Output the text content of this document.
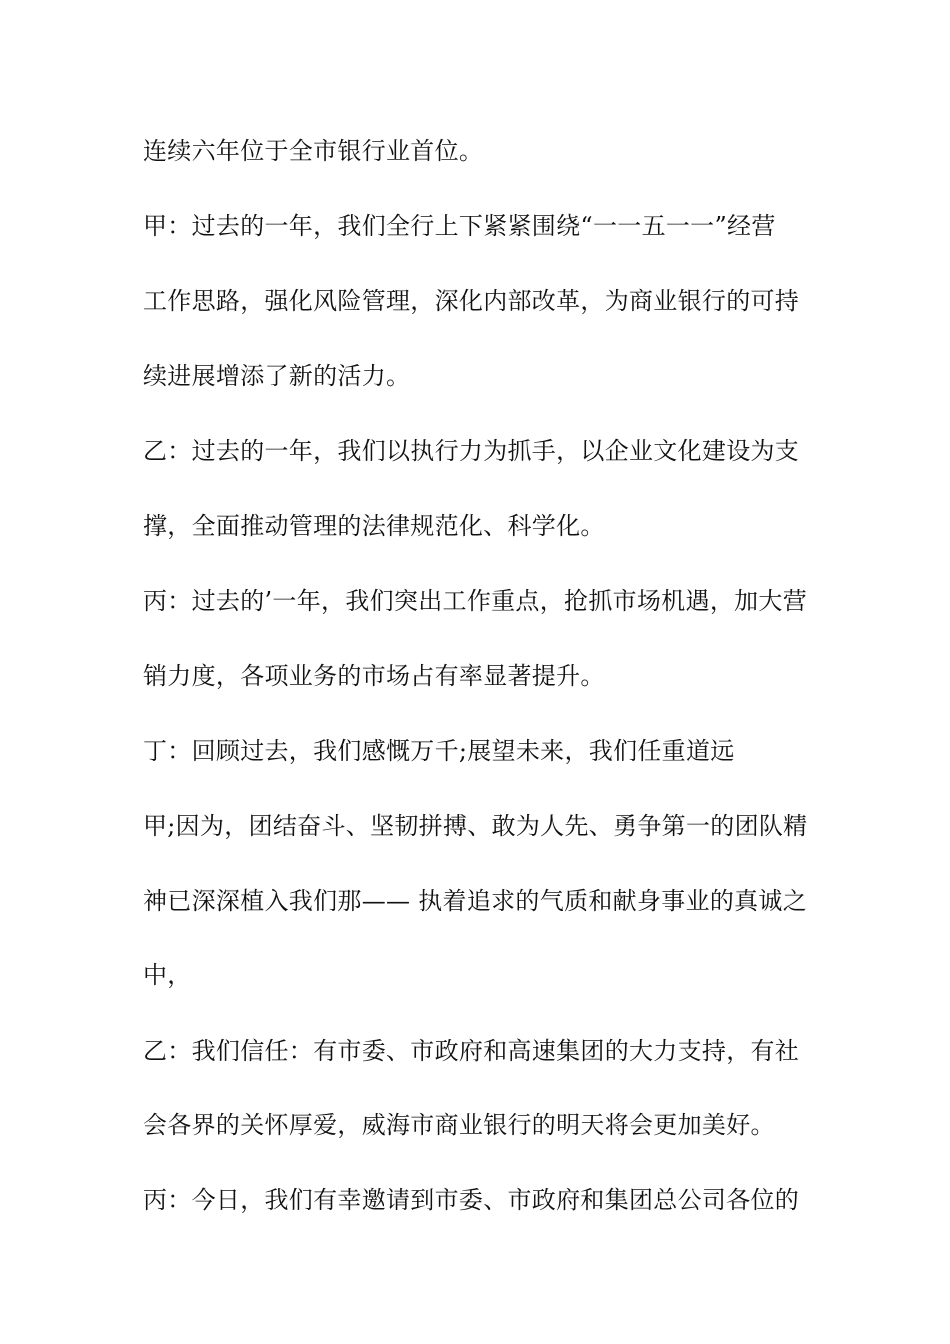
连续六年位于全市银行业首位。
甲：过去的一年，我们全行上下紧紧围绕“一一五一一”经营
工作思路，强化风险管理，深化内部改革，为商业银行的可持
续进展增添了新的活力。
乙：过去的一年，我们以执行力为抓手，以企业文化建设为支
撑，全面推动管理的法律规范化、科学化。
丙：过去的’一年，我们突出工作重点，抢抓市场机遇，加大营
销力度，各项业务的市场占有率显著提升。
丁：回顾过去，我们感慨万千;展望未来，我们任重道远
甲;因为，团结奋斗、坚韧拼搏、敢为人先、勇争第一的团队精
神已深深植入我们那—— 执着追求的气质和献身事业的真诚之
中，
乙：我们信任：有市委、市政府和高速集团的大力支持，有社
会各界的关怀厚爱，威海市商业银行的明天将会更加美好。
丙：今日，我们有幸邀请到市委、市政府和集团总公司各位的
